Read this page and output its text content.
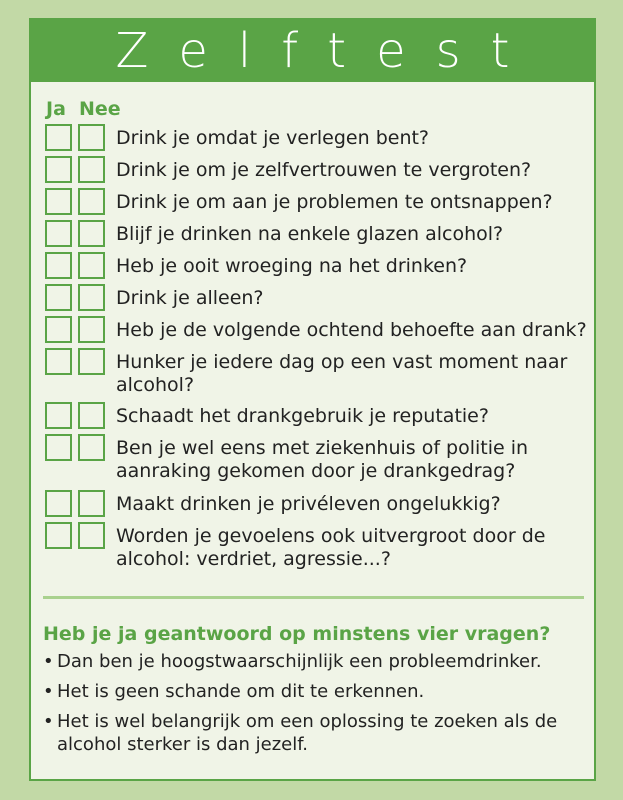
Zelftest
Ja Nee
Drink je omdat je verlegen bent?
Drink je om je zelfvertrouwen te vergroten?
Drink je om aan je problemen te ontsnappen?
Blijf je drinken na enkele glazen alcohol?
Heb je ooit wroeging na het drinken?
Drink je alleen?
Heb je de volgende ochtend behoefte aan drank?
Hunker je iedere dag op een vast moment naar alcohol?
Schaadt het drankgebruik je reputatie?
Ben je wel eens met ziekenhuis of politie in aanraking gekomen door je drankgedrag?
Maakt drinken je privéleven ongelukkig?
Worden je gevoelens ook uitvergroot door de alcohol: verdriet, agressie...?
Heb je ja geantwoord op minstens vier vragen?
• Dan ben je hoogstwaarschijnlijk een probleemdrinker.
• Het is geen schande om dit te erkennen.
• Het is wel belangrijk om een oplossing te zoeken als de alcohol sterker is dan jezelf.
